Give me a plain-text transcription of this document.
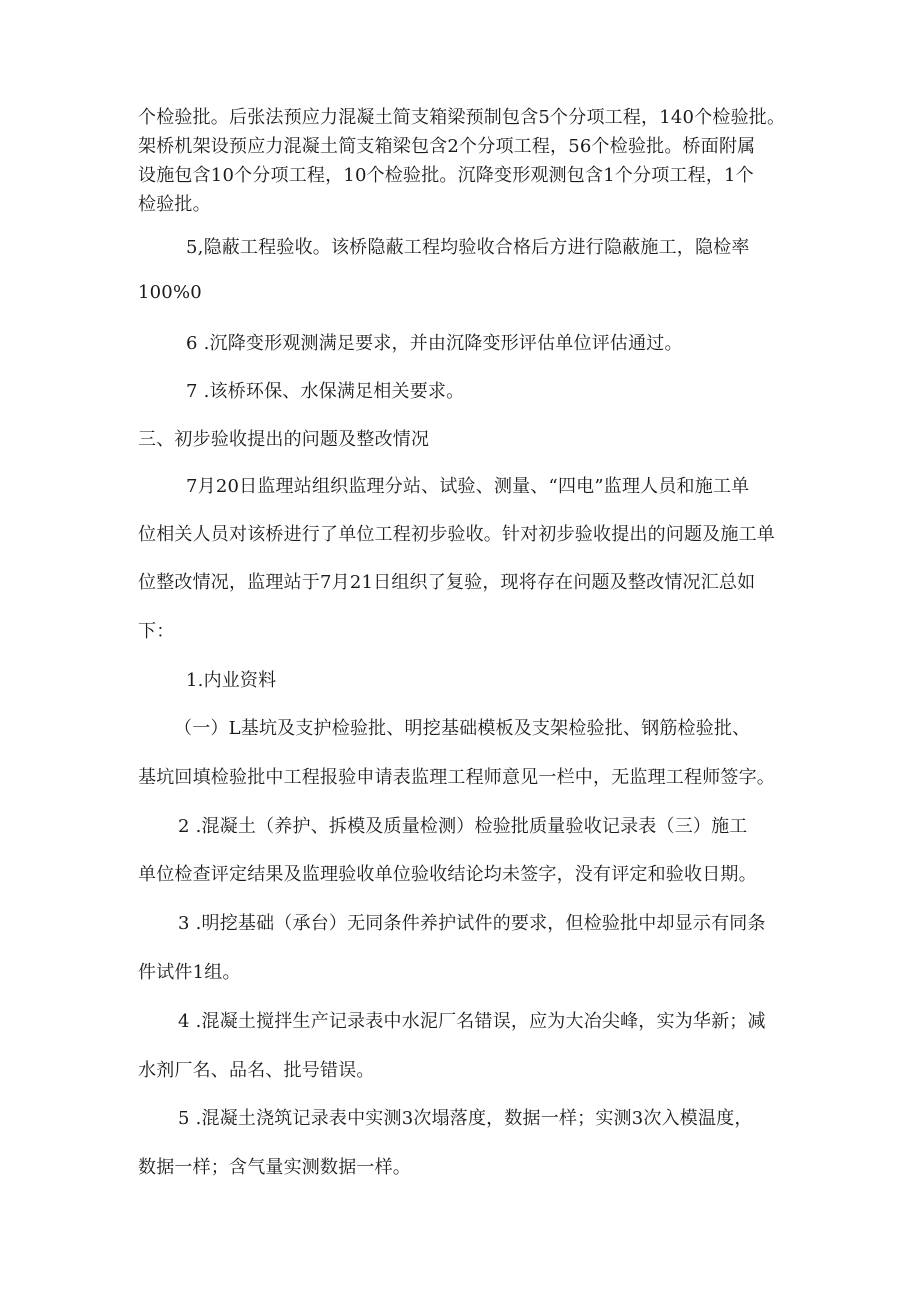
个检验批。后张法预应力混凝土简支箱梁预制包含5个分项工程，140个检验批。
架桥机架设预应力混凝土简支箱梁包含2个分项工程，56个检验批。桥面附属
设施包含10个分项工程，10个检验批。沉降变形观测包含1个分项工程，1个
检验批。
5,隐蔽工程验收。该桥隐蔽工程均验收合格后方进行隐蔽施工，隐检率
100%0
6 .沉降变形观测满足要求，并由沉降变形评估单位评估通过。
7 .该桥环保、水保满足相关要求。
三、初步验收提出的问题及整改情况
7月20日监理站组织监理分站、试验、测量、“四电”监理人员和施工单
位相关人员对该桥进行了单位工程初步验收。针对初步验收提出的问题及施工单
位整改情况，监理站于7月21日组织了复验，现将存在问题及整改情况汇总如
下：
1.内业资料
（一）L基坑及支护检验批、明挖基础模板及支架检验批、钢筋检验批、
基坑回填检验批中工程报验申请表监理工程师意见一栏中，无监理工程师签字。
2 .混凝土（养护、拆模及质量检测）检验批质量验收记录表（三）施工
单位检查评定结果及监理验收单位验收结论均未签字，没有评定和验收日期。
3 .明挖基础（承台）无同条件养护试件的要求，但检验批中却显示有同条
件试件1组。
4 .混凝土搅拌生产记录表中水泥厂名错误，应为大冶尖峰，实为华新；减
水剂厂名、品名、批号错误。
5 .混凝土浇筑记录表中实测3次塌落度，数据一样；实测3次入模温度，
数据一样；含气量实测数据一样。
